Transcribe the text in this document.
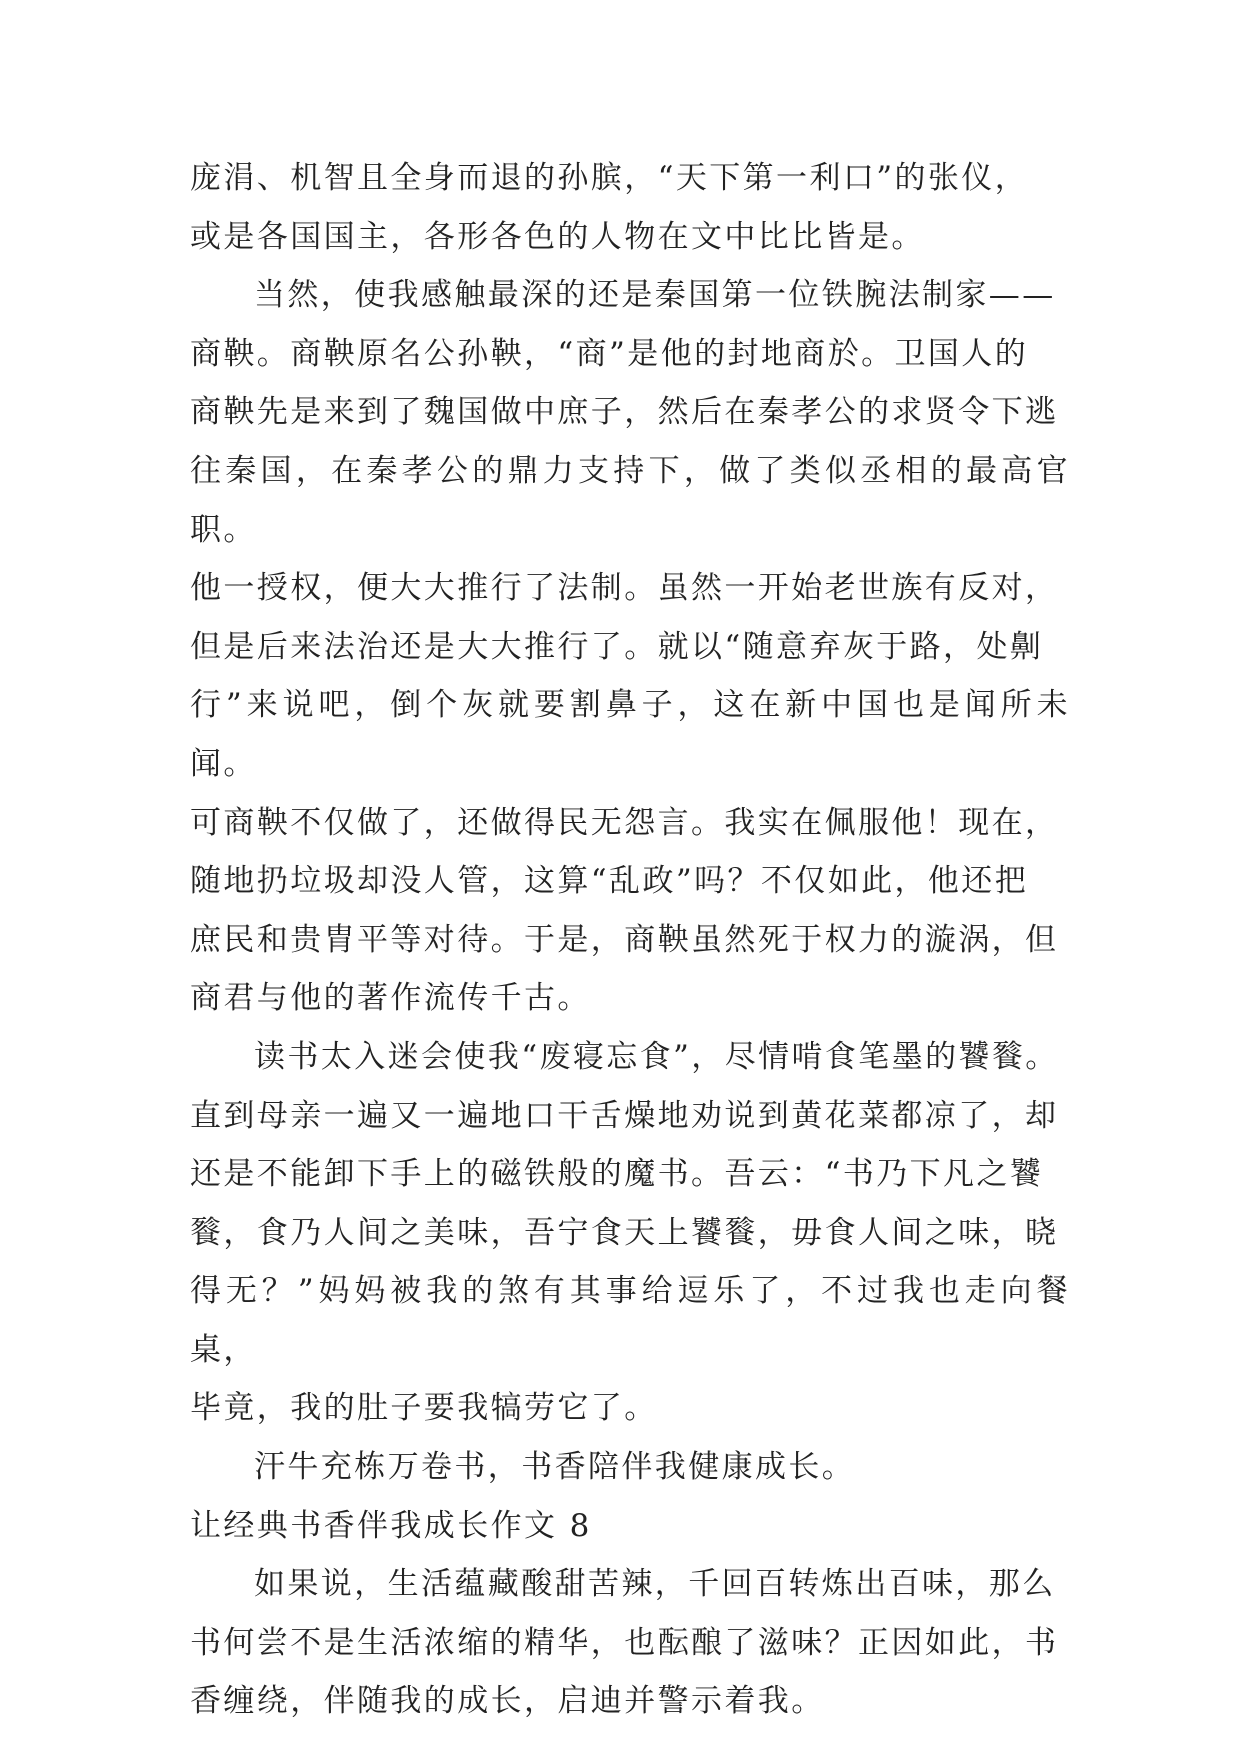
庞涓、机智且全身而退的孙膑，“天下第一利口”的张仪，
或是各国国主，各形各色的人物在文中比比皆是。
当然，使我感触最深的还是秦国第一位铁腕法制家——
商鞅。商鞅原名公孙鞅，“商”是他的封地商於。卫国人的
商鞅先是来到了魏国做中庶子，然后在秦孝公的求贤令下逃
往秦国，在秦孝公的鼎力支持下，做了类似丞相的最高官职。
他一授权，便大大推行了法制。虽然一开始老世族有反对，
但是后来法治还是大大推行了。就以“随意弃灰于路，处劓
行”来说吧，倒个灰就要割鼻子，这在新中国也是闻所未闻。
可商鞅不仅做了，还做得民无怨言。我实在佩服他！现在，
随地扔垃圾却没人管，这算“乱政”吗？不仅如此，他还把
庶民和贵胄平等对待。于是，商鞅虽然死于权力的漩涡，但
商君与他的著作流传千古。
读书太入迷会使我“废寝忘食”，尽情啃食笔墨的饕餮。
直到母亲一遍又一遍地口干舌燥地劝说到黄花菜都凉了，却
还是不能卸下手上的磁铁般的魔书。吾云：“书乃下凡之饕
餮，食乃人间之美味，吾宁食天上饕餮，毋食人间之味，晓
得无？”妈妈被我的煞有其事给逗乐了，不过我也走向餐桌，
毕竟，我的肚子要我犒劳它了。
汗牛充栋万卷书，书香陪伴我健康成长。
让经典书香伴我成长作文 8
如果说，生活蕴藏酸甜苦辣，千回百转炼出百味，那么
书何尝不是生活浓缩的精华，也酝酿了滋味？正因如此，书
香缠绕，伴随我的成长，启迪并警示着我。
